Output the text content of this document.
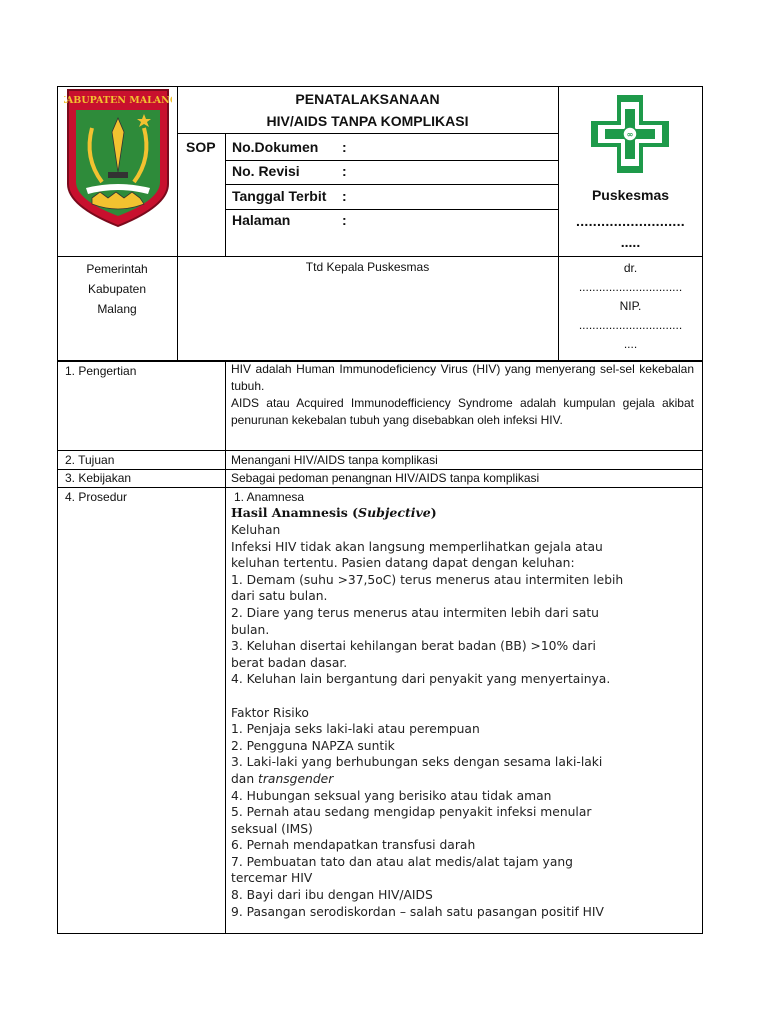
KABUPATEN MALANG	PENATALAKSANAAN
HIV/AIDS TANPA KOMPLIKASI
SOP No.Dokumen :
No. Revisi	:
Tanggal Terbit :
Halaman	:
∞
Puskesmas
..........................
.....
Pemerintah
Kabupaten
Malang
Ttd Kepala Puskesmas	dr.
...............................
NIP.
...............................
....
1. Pengertian	HIV adalah Human Immunodeficiency Virus (HIV) yang menyerang sel-sel kekebalan tubuh.
AIDS atau Acquired Immunodefficiency Syndrome adalah kumpulan gejala akibat penurunan kekebalan tubuh yang disebabkan oleh infeksi HIV.
2. Tujuan	Menangani HIV/AIDS tanpa komplikasi
3. Kebijakan	Sebagai pedoman penangnan HIV/AIDS tanpa komplikasi
4. Prosedur	1. Anamnesa
Hasil Anamnesis (Subjective)
Keluhan
Infeksi HIV tidak akan langsung memperlihatkan gejala atau
keluhan tertentu. Pasien datang dapat dengan keluhan:
1. Demam (suhu >37,5oC) terus menerus atau intermiten lebih
dari satu bulan.
2. Diare yang terus menerus atau intermiten lebih dari satu
bulan.
3. Keluhan disertai kehilangan berat badan (BB) >10% dari
berat badan dasar.
4. Keluhan lain bergantung dari penyakit yang menyertainya.
Faktor Risiko
1. Penjaja seks laki-laki atau perempuan
2. Pengguna NAPZA suntik
3. Laki-laki yang berhubungan seks dengan sesama laki-laki
dan transgender
4. Hubungan seksual yang berisiko atau tidak aman
5. Pernah atau sedang mengidap penyakit infeksi menular
seksual (IMS)
6. Pernah mendapatkan transfusi darah
7. Pembuatan tato dan atau alat medis/alat tajam yang
tercemar HIV
8. Bayi dari ibu dengan HIV/AIDS
9. Pasangan serodiskordan – salah satu pasangan positif HIV
